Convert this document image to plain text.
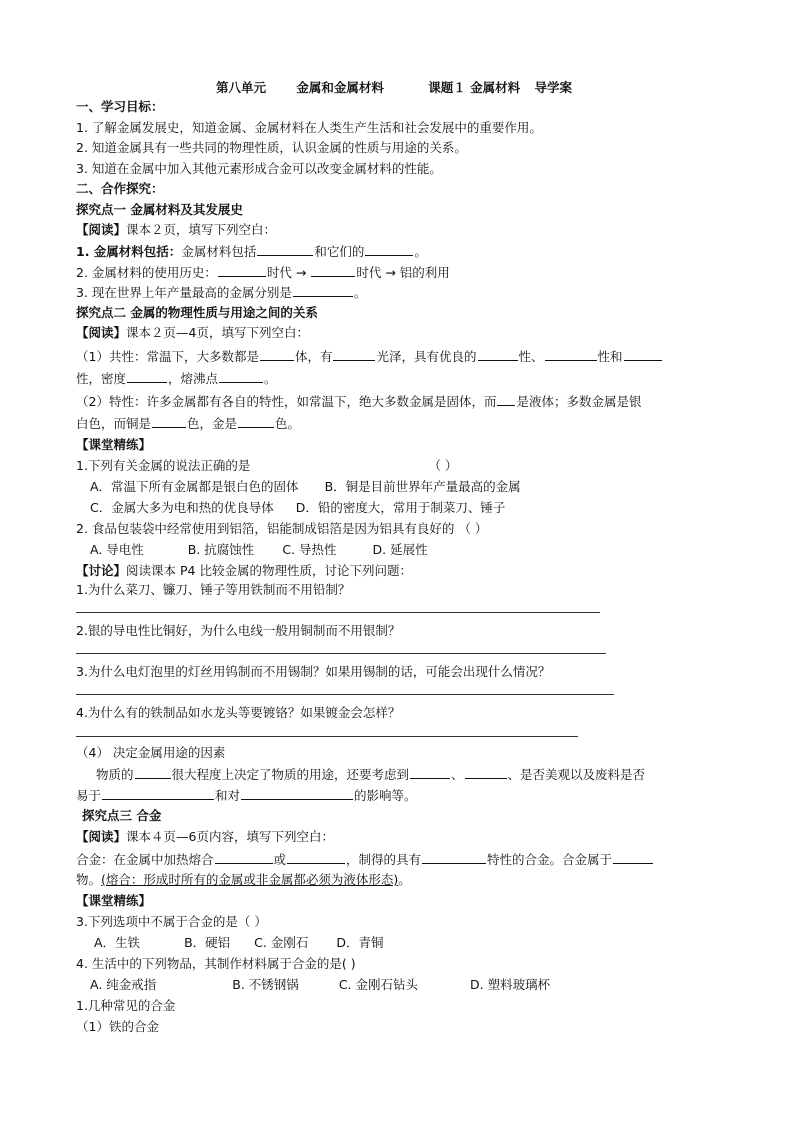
第八单元 金属和金属材料	课题１ 金属材料 导学案
一、学习目标：
1. 了解金属发展史，知道金属、金属材料在人类生产生活和社会发展中的重要作用。
2. 知道金属具有一些共同的物理性质，认识金属的性质与用途的关系。
3. 知道在金属中加入其他元素形成合金可以改变金属材料的性能。
二、合作探究：
探究点一 金属材料及其发展史
【阅读】课本２页，填写下列空白：
1. 金属材料包括：金属材料包括	和它们的	。
2. 金属材料的使用历史：	时代 →	时代 → 铝的利用
3. 现在世界上年产量最高的金属分别是	。
探究点二 金属的物理性质与用途之间的关系
【阅读】课本２页—4页，填写下列空白：
（1）共性：常温下，大多数都是	体，有	光泽，具有优良的	性、	性和
性，密度	，熔沸点	。
（2）特性：许多金属都有各自的特性，如常温下，绝大多数金属是固体，而 是液体；多数金属是银
白色，而铜是	色，金是	色。
【课堂精练】
1.下列有关金属的说法正确的是	（ ）
A．常温下所有金属都是银白色的固体 B．铜是目前世界年产量最高的金属
C．金属大多为电和热的优良导体 D．铅的密度大，常用于制菜刀、锤子
2. 食品包装袋中经常使用到铝箔，铝能制成铝箔是因为铝具有良好的 （ ）
A. 导电性	B. 抗腐蚀性 C. 导热性	D. 延展性
【讨论】阅读课本 P4 比较金属的物理性质，讨论下列问题：
1.为什么菜刀、镰刀、锤子等用铁制而不用铅制？
2.银的导电性比铜好，为什么电线一般用铜制而不用银制？
3.为什么电灯泡里的灯丝用钨制而不用锡制？如果用锡制的话，可能会出现什么情况？
4.为什么有的铁制品如水龙头等要镀铬？如果镀金会怎样？
（4） 决定金属用途的因素
物质的	很大程度上决定了物质的用途，还要考虑到	、	、是否美观以及废料是否
易于	和对	的影响等。
探究点三 合金
【阅读】课本４页—6页内容，填写下列空白：
合金：在金属中加热熔合	或	，制得的具有	特性的合金。合金属于
物。(熔合：形成时所有的金属或非金属都必须为液体形态)。
【课堂精练】
3.下列选项中不属于合金的是（ ）
A．生铁	B．硬铝 C. 金刚石 D．青铜
4. 生活中的下列物品，其制作材料属于合金的是( )
A. 纯金戒指	B. 不锈钢锅	C. 金刚石钻头	D. 塑料玻璃杯
1.几种常见的合金
（1）铁的合金
